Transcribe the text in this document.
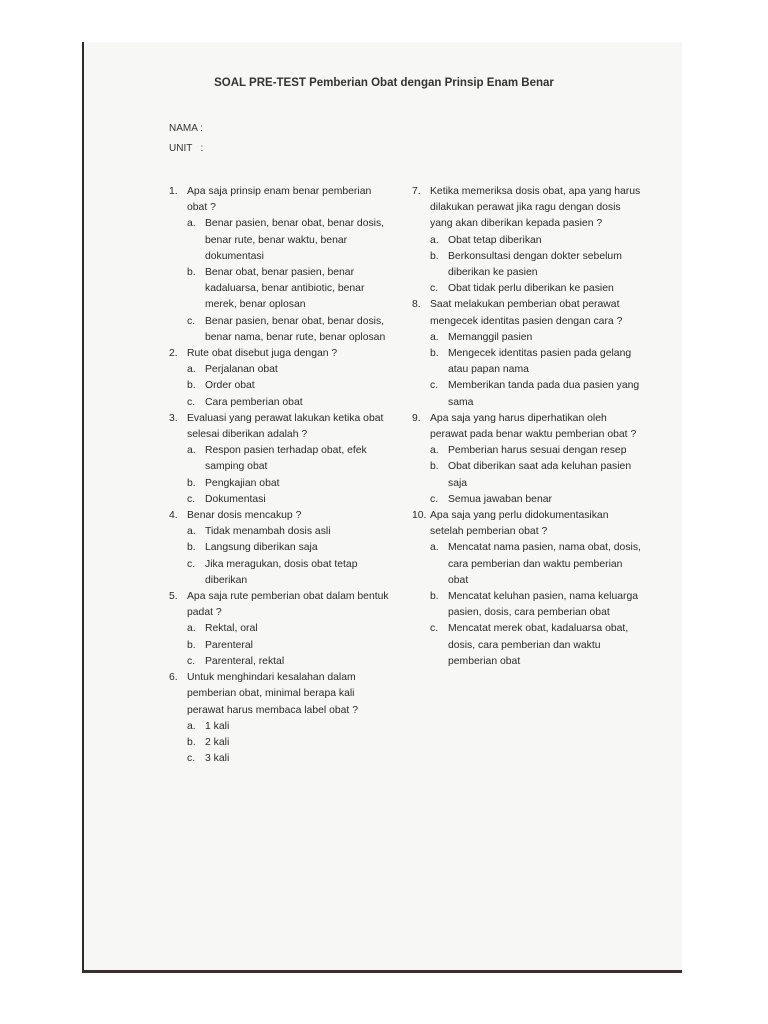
SOAL PRE-TEST Pemberian Obat dengan Prinsip Enam Benar
NAMA :
UNIT   :
1. Apa saja prinsip enam benar pemberian obat ?
a. Benar pasien, benar obat, benar dosis, benar rute, benar waktu, benar dokumentasi
b. Benar obat, benar pasien, benar kadaluarsa, benar antibiotic, benar merek, benar oplosan
c. Benar pasien, benar obat, benar dosis, benar nama, benar rute, benar oplosan
2. Rute obat disebut juga dengan ?
a. Perjalanan obat
b. Order obat
c. Cara pemberian obat
3. Evaluasi yang perawat lakukan ketika obat selesai diberikan adalah ?
a. Respon pasien terhadap obat, efek samping obat
b. Pengkajian obat
c. Dokumentasi
4. Benar dosis mencakup ?
a. Tidak menambah dosis asli
b. Langsung diberikan saja
c. Jika meragukan, dosis obat tetap diberikan
5. Apa saja rute pemberian obat dalam bentuk padat ?
a. Rektal, oral
b. Parenteral
c. Parenteral, rektal
6. Untuk menghindari kesalahan dalam pemberian obat, minimal berapa kali perawat harus membaca label obat ?
a. 1 kali
b. 2 kali
c. 3 kali
7. Ketika memeriksa dosis obat, apa yang harus dilakukan perawat jika ragu dengan dosis yang akan diberikan kepada pasien ?
a. Obat tetap diberikan
b. Berkonsultasi dengan dokter sebelum diberikan ke pasien
c. Obat tidak perlu diberikan ke pasien
8. Saat melakukan pemberian obat perawat mengecek identitas pasien dengan cara ?
a. Memanggil pasien
b. Mengecek identitas pasien pada gelang atau papan nama
c. Memberikan tanda pada dua pasien yang sama
9. Apa saja yang harus diperhatikan oleh perawat pada benar waktu pemberian obat ?
a. Pemberian harus sesuai dengan resep
b. Obat diberikan saat ada keluhan pasien saja
c. Semua jawaban benar
10. Apa saja yang perlu didokumentasikan setelah pemberian obat ?
a. Mencatat nama pasien, nama obat, dosis, cara pemberian dan waktu pemberian obat
b. Mencatat keluhan pasien, nama keluarga pasien, dosis, cara pemberian obat
c. Mencatat merek obat, kadaluarsa obat, dosis, cara pemberian dan waktu pemberian obat
